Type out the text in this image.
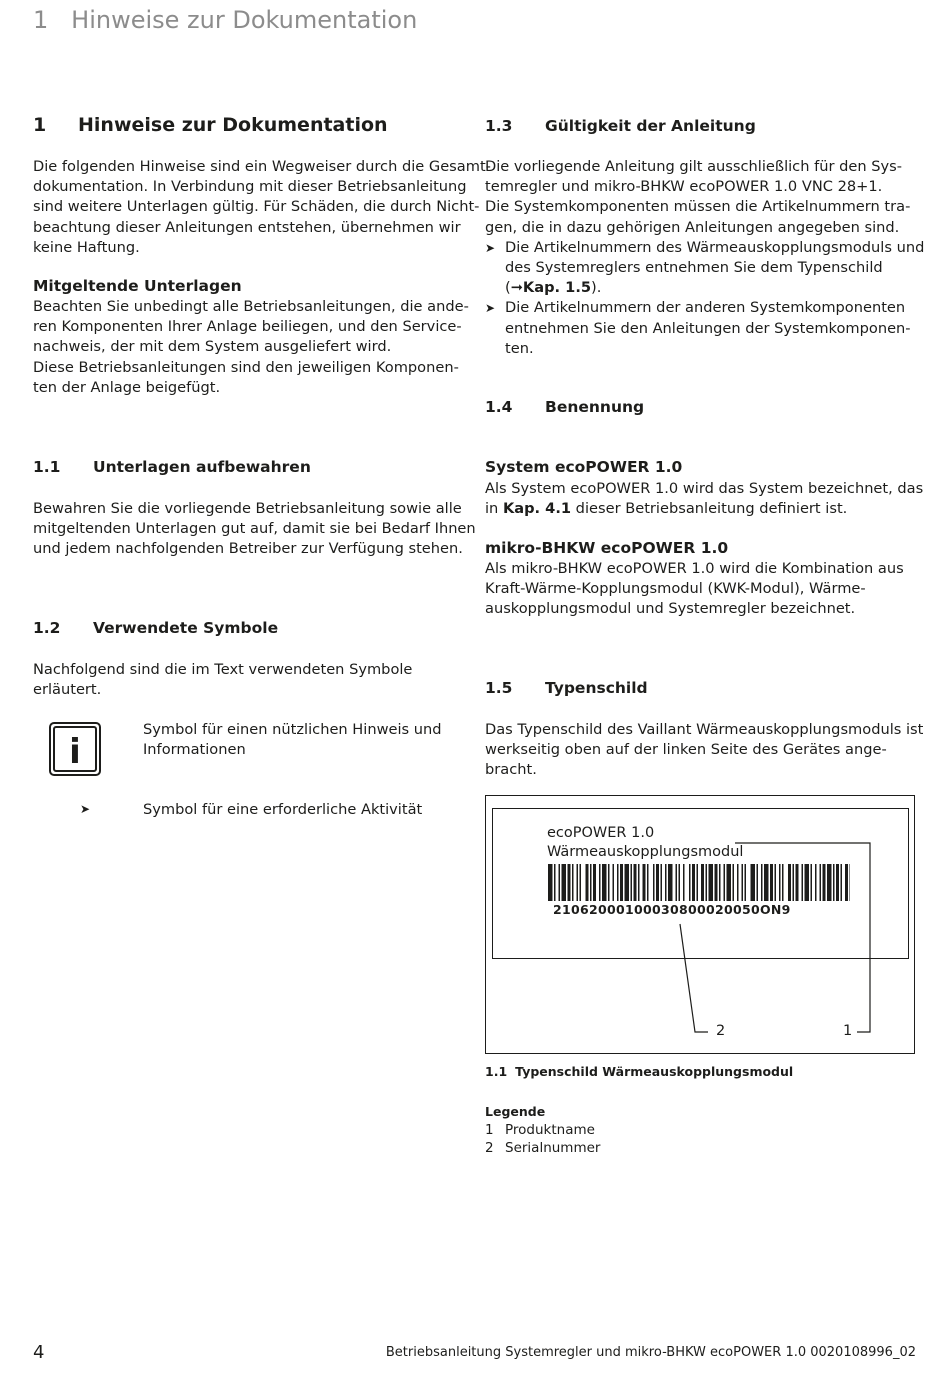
1   Hinweise zur Dokumentation
1 Hinweise zur Dokumentation
Die folgenden Hinweise sind ein Wegweiser durch die Gesamt-
dokumentation. In Verbindung mit dieser Betriebsanleitung
sind weitere Unterlagen gültig. Für Schäden, die durch Nicht-
beachtung dieser Anleitungen entstehen, übernehmen wir
keine Haftung.
Mitgeltende Unterlagen
Beachten Sie unbedingt alle Betriebsanleitungen, die ande-
ren Komponenten Ihrer Anlage beiliegen, und den Service-
nachweis, der mit dem System ausgeliefert wird.
Diese Betriebsanleitungen sind den jeweiligen Komponen-
ten der Anlage beigefügt.
1.1 Unterlagen aufbewahren
Bewahren Sie die vorliegende Betriebsanleitung sowie alle
mitgeltenden Unterlagen gut auf, damit sie bei Bedarf Ihnen
und jedem nachfolgenden Betreiber zur Verfügung stehen.
1.2 Verwendete Symbole
Nachfolgend sind die im Text verwendeten Symbole
erläutert.
i
Symbol für einen nützlichen Hinweis und
Informationen
➤	Symbol für eine erforderliche Aktivität
1.3 Gültigkeit der Anleitung
Die vorliegende Anleitung gilt ausschließlich für den Sys-
temregler und mikro-BHKW ecoPOWER 1.0 VNC 28+1.
Die Systemkomponenten müssen die Artikelnummern tra-
gen, die in dazu gehörigen Anleitungen angegeben sind.
➤ Die Artikelnummern des Wärmeauskopplungsmoduls und
des Systemreglers entnehmen Sie dem Typenschild
(➞Kap. 1.5).
➤ Die Artikelnummern der anderen Systemkomponenten
entnehmen Sie den Anleitungen der Systemkomponen-
ten.
1.4 Benennung
System ecoPOWER 1.0
Als System ecoPOWER 1.0 wird das System bezeichnet, das
in Kap. 4.1 dieser Betriebsanleitung definiert ist.
mikro-BHKW ecoPOWER 1.0
Als mikro-BHKW ecoPOWER 1.0 wird die Kombination aus
Kraft-Wärme-Kopplungsmodul (KWK-Modul), Wärme-
auskopplungsmodul und Systemregler bezeichnet.
1.5 Typenschild
Das Typenschild des Vaillant Wärmeauskopplungsmoduls ist
werkseitig oben auf der linken Seite des Gerätes ange-
bracht.
ecoPOWER 1.0
Wärmeauskopplungsmodul
21062000100030800020050ON9
2	1
1.1 Typenschild Wärmeauskopplungsmodul
Legende
1 Produktname
2 Serialnummer
4	Betriebsanleitung Systemregler und mikro-BHKW ecoPOWER 1.0 0020108996_02
